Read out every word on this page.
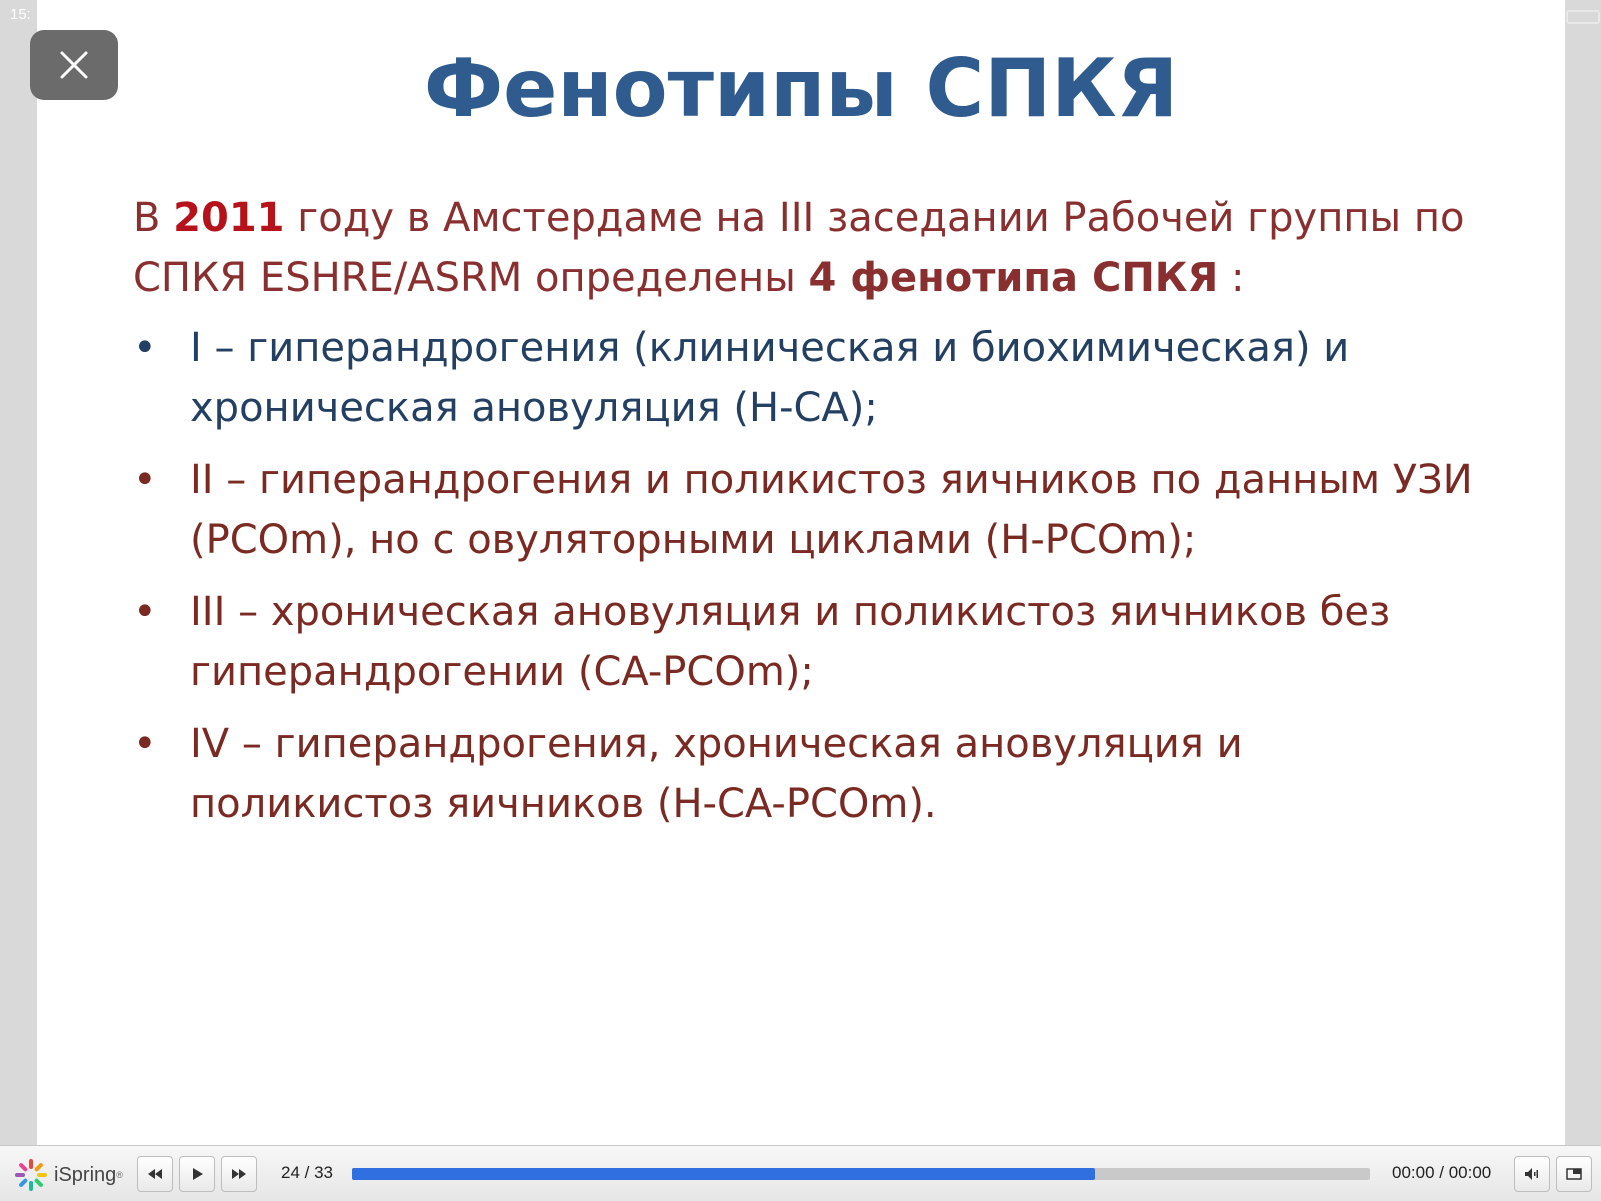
15:
Фенотипы СПКЯ
В 2011 году в Амстердаме на III заседании Рабочей группы по СПКЯ ESHRE/ASRM определены 4 фенотипа СПКЯ :
• I – гиперандрогения (клиническая и биохимическая) и хроническая ановуляция (H-CA);
• II – гиперандрогения и поликистоз яичников по данным УЗИ (PCOm), но с овуляторными циклами (H-PCOm);
• III – хроническая ановуляция и поликистоз яичников без гиперандрогении (CA-PCOm);
• IV – гиперандрогения, хроническая ановуляция и поликистоз яичников (H-CA-PCOm).
iSpring ®	24 / 33	00:00 / 00:00
